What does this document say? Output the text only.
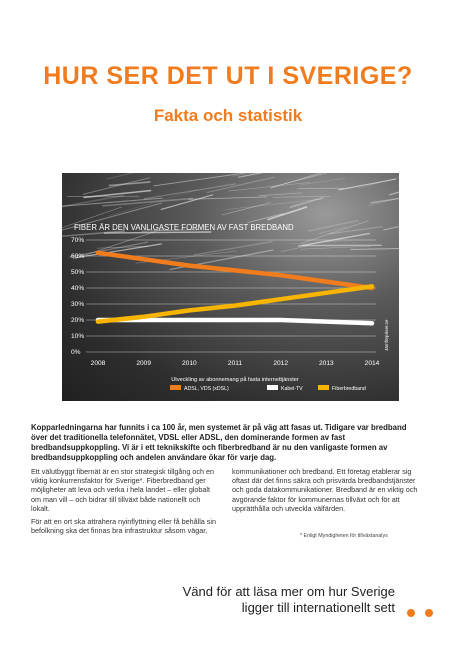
HUR SER DET UT I SVERIGE?
Fakta och statistik
FIBER ÄR DEN VANLIGASTE FORMEN AV FAST BREDBAND
0%
10%
20%
30%
40%
50%
60%
70%
2008	2009	2010	2011	2012	2013	2014
Utveckling av abonnemang på fasta internettjänster
ADSL, VDS (xDSL)	Kabel-TV	Fiberbredband
Jämförpriser.se
Kopparledningarna har funnits i ca 100 år, men systemet är på väg att fasas ut. Tidigare var bredband över det traditionella telefonnätet, VDSL eller ADSL, den dominerande formen av fast bredbandsuppkoppling. Vi är i ett teknikskifte och fiberbredband är nu den vanligaste formen av bredbandsuppkoppling och andelen användare ökar för varje dag.
Ett välutbyggt fibernät är en stor strategisk tillgång och en viktig konkurrensfaktor för Sverige*. Fiberbredband ger möjligheter att leva och verka i hela landet – eller globalt om man vill – och bidrar till tillväxt både nationellt och lokalt.
För att en ort ska attrahera nyinflyttning eller få behålla sin befolkning ska det finnas bra infrastruktur såsom vägar,
kommunikationer och bredband. Ett företag etablerar sig oftast där det finns säkra och prisvärda bredbandstjänster och goda datakommunikationer. Bredband är en viktig och avgörande faktor för kommunernas tillväxt och för att upprätthålla och utveckla välfärden.
* Enligt Myndigheten för tillväxtanalys
Vänd för att läsa mer om hur Sverige
ligger till internationellt sett
